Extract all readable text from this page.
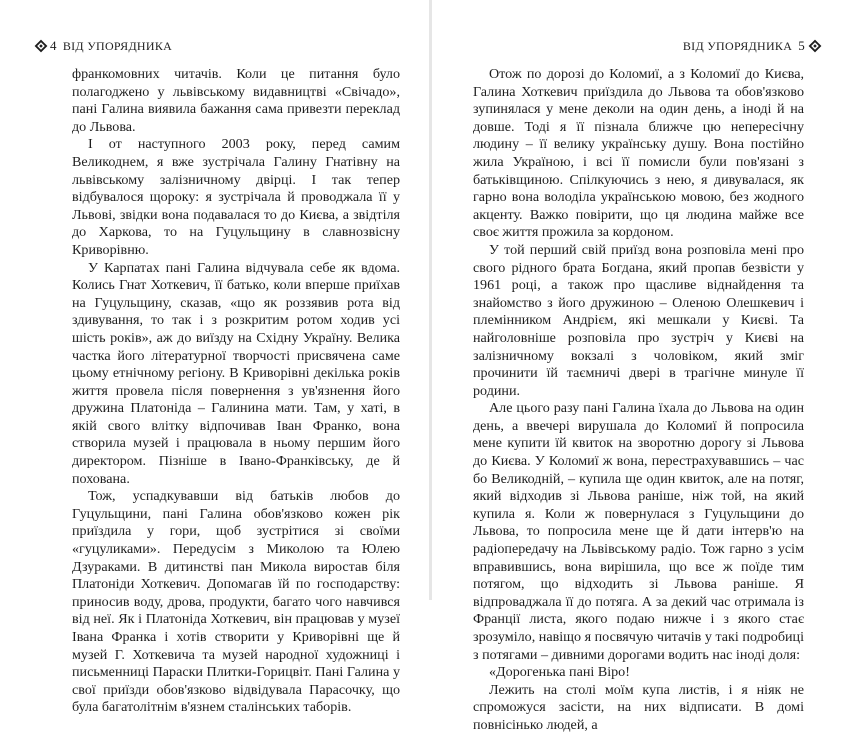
4 ВІД УПОРЯДНИКА

франкомовних читачів. Коли це питання було полагоджено у львівському видавництві «Свічадо», пані Галина виявила бажання сама привезти переклад до Львова.

І от наступного 2003 року, перед самим Великоднем, я вже зустрічала Галину Гнатівну на львівському залізничному двірці. І так тепер відбувалося щороку: я зустрічала й проводжала її у Львові, звідки вона подавалася то до Києва, а звідтіля до Харкова, то на Гуцульщину в славнозвісну Криворівню.

У Карпатах пані Галина відчувала себе як вдома. Колись Гнат Хоткевич, її батько, коли вперше приїхав на Гуцульщину, сказав, «що як роззявив рота від здивування, то так і з розкритим ротом ходив усі шість років», аж до виїзду на Східну Україну. Велика частка його літературної творчості присвячена саме цьому етнічному регіону. В Криворівні декілька років життя провела після повернення з ув'язнення його дружина Платоніда – Галинина мати. Там, у хаті, в якій свого влітку відпочивав Іван Франко, вона створила музей і працювала в ньому першим його директором. Пізніше в Івано-Франківську, де й похована.

Тож, успадкувавши від батьків любов до Гуцульщини, пані Галина обов'язково кожен рік приїздила у гори, щоб зустрітися зі своїми «гуцуликами». Передусім з Миколою та Юлею Дзураками. В дитинстві пан Микола виростав біля Платоніди Хоткевич. Допомагав їй по господарству: приносив воду, дрова, продукти, багато чого навчився від неї. Як і Платоніда Хоткевич, він працював у музеї Івана Франка і хотів створити у Криворівні ще й музей Г. Хоткевича та музей народної художниці і письменниці Параски Плитки-Горицвіт. Пані Галина у свої приїзди обов'язково відвідувала Парасочку, що була багатолітнім в'язнем сталінських таборів.

ВІД УПОРЯДНИКА 5

Отож по дорозі до Коломиї, а з Коломиї до Києва, Галина Хоткевич приїздила до Львова та обов'язково зупинялася у мене деколи на один день, а іноді й на довше. Тоді я її пізнала ближче цю непересічну людину – її велику українську душу. Вона постійно жила Україною, і всі її помисли були пов'язані з батьківщиною. Спілкуючись з нею, я дивувалася, як гарно вона володіла українською мовою, без жодного акценту. Важко повірити, що ця людина майже все своє життя прожила за кордоном.

У той перший свій приїзд вона розповіла мені про свого рідного брата Богдана, який пропав безвісти у 1961 році, а також про щасливе віднайдення та знайомство з його дружиною – Оленою Олешкевич і племінником Андрієм, які мешкали у Києві. Та найголовніше розповіла про зустріч у Києві на залізничному вокзалі з чоловіком, який зміг прочинити їй таємничі двері в трагічне минуле її родини.

Але цього разу пані Галина їхала до Львова на один день, а ввечері вирушала до Коломиї й попросила мене купити їй квиток на зворотню дорогу зі Львова до Києва. У Коломиї ж вона, перестрахувавшись – час бо Великодній, – купила ще один квиток, але на потяг, який відходив зі Львова раніше, ніж той, на який купила я. Коли ж повернулася з Гуцульщини до Львова, то попросила мене ще й дати інтерв'ю на радіопередачу на Львівському радіо. Тож гарно з усім вправившись, вона вирішила, що все ж поїде тим потягом, що відходить зі Львова раніше. Я відпроваджала її до потяга. А за декий час отримала із Франції листа, якого подаю нижче і з якого стає зрозуміло, навіщо я посвячую читачів у такі подробиці з потягами – дивними дорогами водить нас іноді доля:

«Дорогенька пані Віро!

Лежить на столі моїм купа листів, і я ніяк не спроможуся засісти, на них відписати. В домі повнісінько людей, а
